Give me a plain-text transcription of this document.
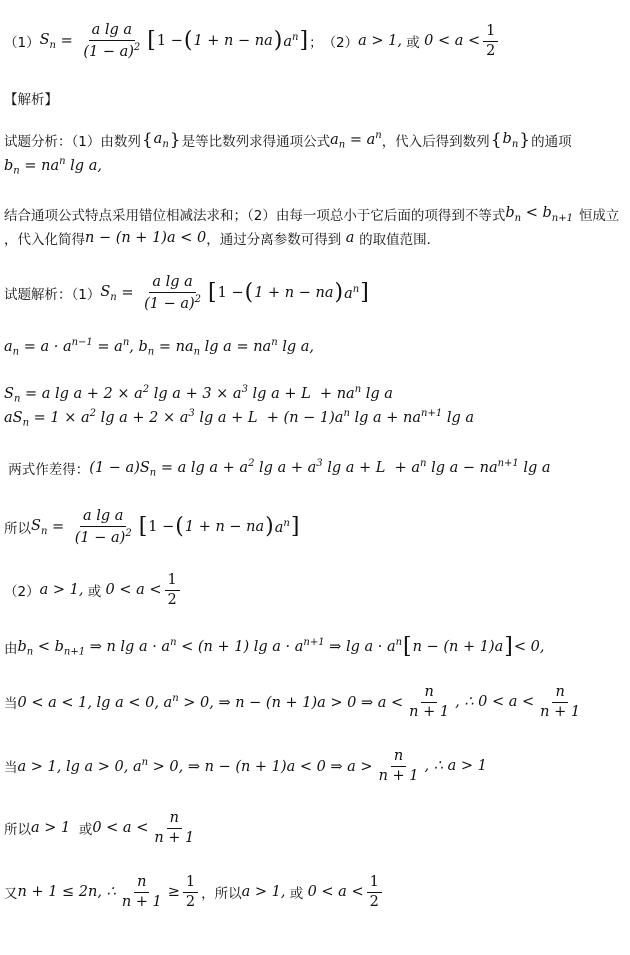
（1） $S_n = \frac{\text{a lg a}}{(1 - a)^2}$ [ 1 − ( 1 + n − na ) $a^n$ ] ； （2） a > 1, 或 $0 < a < \frac{1}{2}$
【解析】
试题分析：（1）由数列 { $a_n$ } 是等比数列求得通项公式 $a_n = a^n$ ，代入后得到数列 { $b_n$ } 的通项
$b_n = na^n$ lg a,
结合通项公式特点采用错位相减法求和；（2）由每一项总小于它后面的项得到不等式 $b_n < b_{n+1}$ 恒成立
，代入化简得 n − (n + 1)a < 0 ，通过分离参数可得到 a 的取值范围．
试题解析：（1） $S_n = \frac{\text{a lg a}}{(1 - a)^2}$ [ 1 − ( 1 + n − na ) $a^n$ ]
$a_n = a \cdot a^{n-1} = a^n$, $b_n = na_n$ $\lg a = na^n$ lg a,
$S_n = a$ $\lg a + 2 \times a^2$ $\lg a + 3 \times a^3$ $\lg a + L + na^n$ lg a
$aS_n = 1 \times a^2$ $\lg a + 2 \times a^3$ $\lg a + L + (n - 1)a^n$ $\lg a + na^{n+1}$ lg a

两式作差得： $(1 - a)S_n = a$ $\lg a + a^2$ $\lg a + a^3$ $\lg a + L + a^n$ $\lg a - na^{n+1}$ lg a
所以 $S_n = \frac{\text{a lg a}}{(1 - a)^2}$ [ 1 − ( 1 + n − na ) $a^n$ ]
（2） a > 1, 或 $0 < a < \frac{1}{2}$
由 $b_n < b_{n+1}$ ⇒ n $\lg a \cdot a^n < (n + 1)$ $\lg a \cdot a^{n+1}$ ⇒ $\lg a \cdot a^n$ [ n − (n + 1)a ] < 0,
当 0 < a < 1, lg a < 0, $a^n > 0$, ⇒ n − (n + 1)a > 0 ⇒ $a < \frac{n}{n + 1}$ , ∴ $0 < a < \frac{n}{n + 1}$
当 a > 1, lg a > 0, $a^n > 0$, ⇒ n − (n + 1)a < 0 ⇒ $a > \frac{n}{n + 1}$ , ∴ a > 1
所以 a > 1
或 $0 < a < \frac{n}{n + 1}$
又 n + 1 ≤ 2n, ∴ $\frac{n}{n + 1} \ge \frac{1}{2}$ ，所以 a > 1, 或 $0 < a < \frac{1}{2}$
